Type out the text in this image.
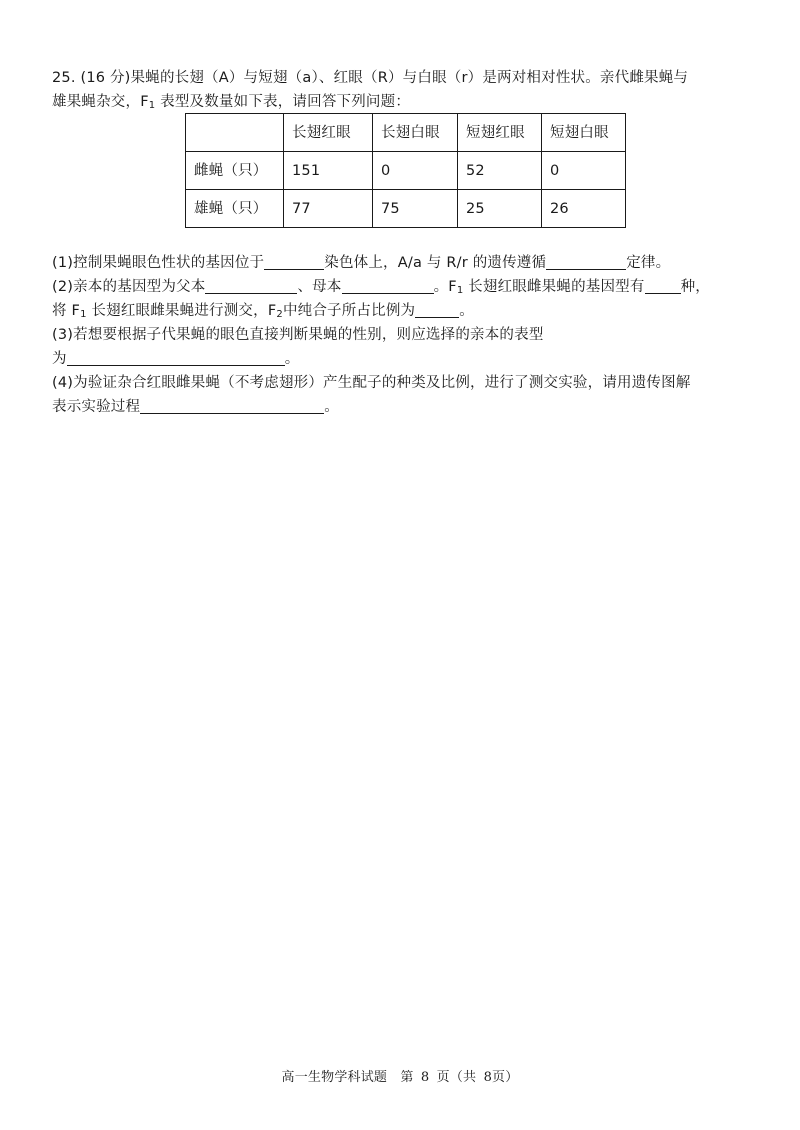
25. (16 分)果蝇的长翅（A）与短翅（a）、红眼（R）与白眼（r）是两对相对性状。亲代雌果蝇与
雄果蝇杂交，$F_1$ 表型及数量如下表，请回答下列问题：
	长翅红眼	长翅白眼	短翅红眼	短翅白眼
雌蝇（只）	151	0	52	0
雄蝇（只）	77	75	25	26
(1)控制果蝇眼色性状的基因位于	染色体上，A/a 与 R/r 的遗传遵循	定律。
(2)亲本的基因型为父本	、母本	。$F_1$ 长翅红眼雌果蝇的基因型有 种，
将 $F_1$ 长翅红眼雌果蝇进行测交，$F_2$中纯合子所占比例为	。
(3)若想要根据子代果蝇的眼色直接判断果蝇的性别，则应选择的亲本的表型
为	。
(4)为验证杂合红眼雌果蝇（不考虑翅形）产生配子的种类及比例，进行了测交实验，请用遗传图解
表示实验过程	。
高一生物学科试题　第 8 页（共 8页）
